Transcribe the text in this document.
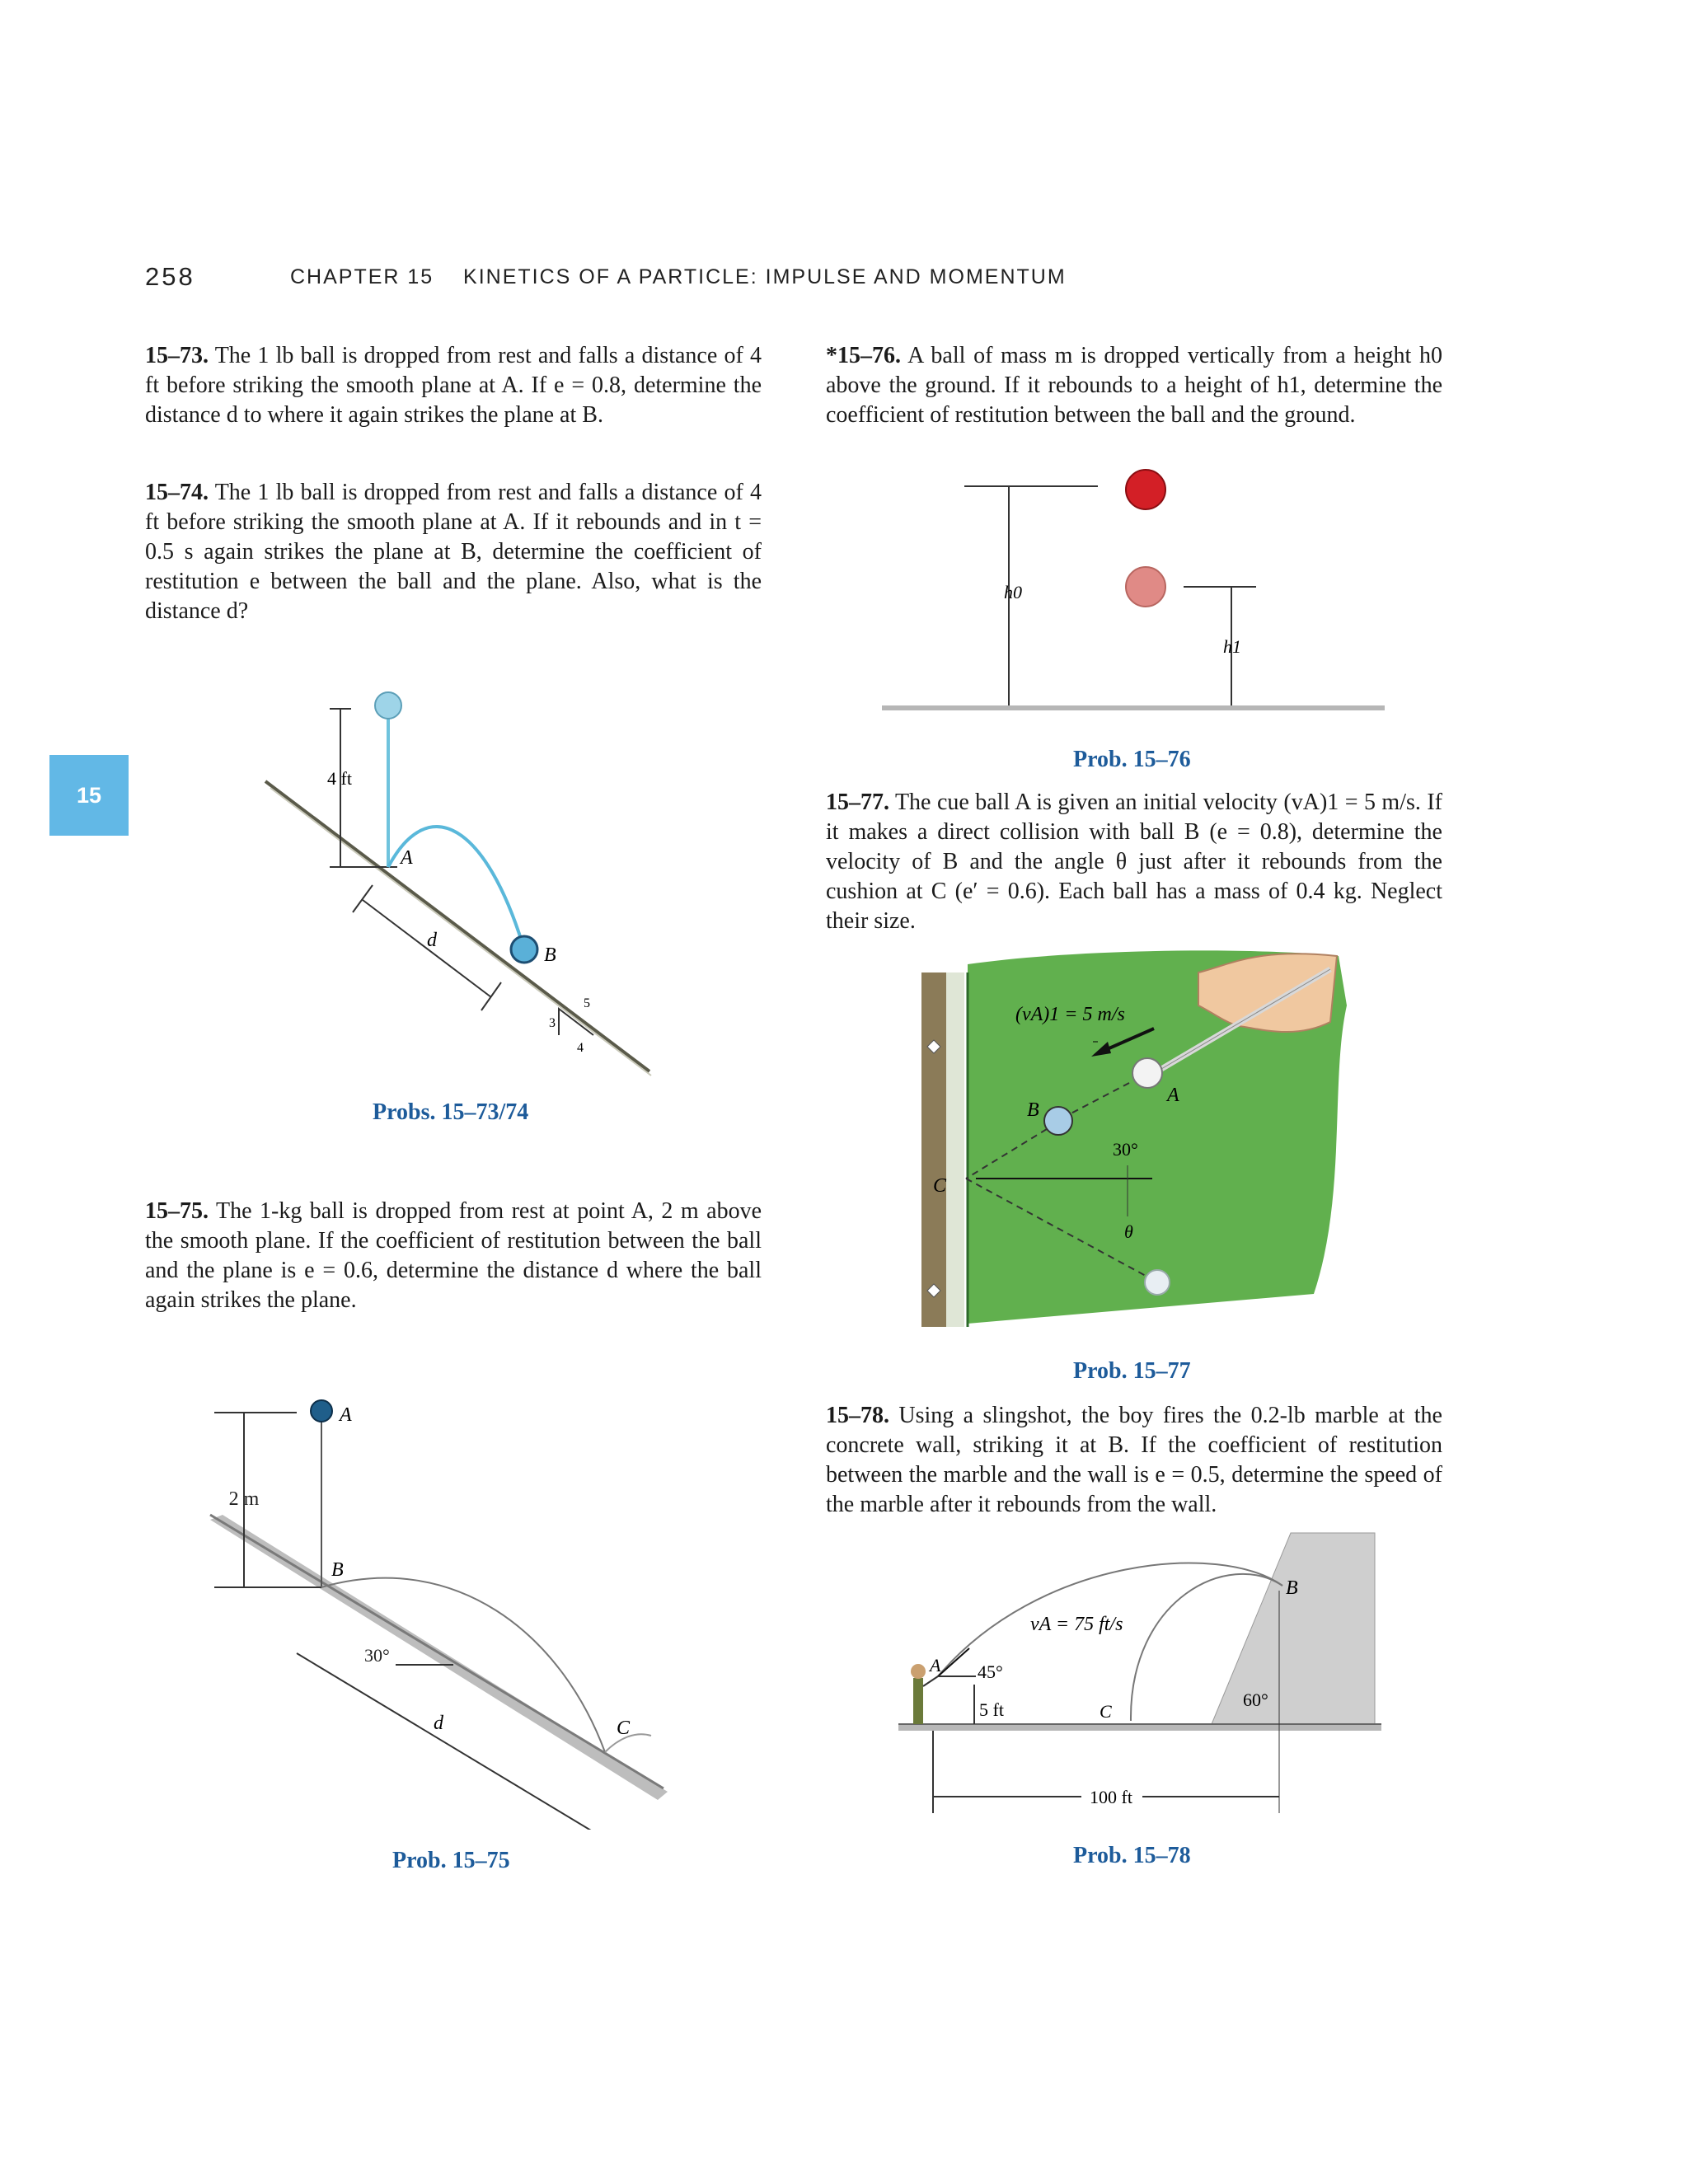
258	CHAPTER 15 KINETICS OF A PARTICLE: IMPULSE AND MOMENTUM
15
15–73. The 1 lb ball is dropped from rest and falls a distance of 4 ft before striking the smooth plane at A. If e = 0.8, determine the distance d to where it again strikes the plane at B.
15–74. The 1 lb ball is dropped from rest and falls a distance of 4 ft before striking the smooth plane at A. If it rebounds and in t = 0.5 s again strikes the plane at B, determine the coefficient of restitution e between the ball and the plane. Also, what is the distance d?
4 ft
A
B
d
3
5
4
Probs. 15–73/74
15–75. The 1-kg ball is dropped from rest at point A, 2 m above the smooth plane. If the coefficient of restitution between the ball and the plane is e = 0.6, determine the distance d where the ball again strikes the plane.
2 m
A
B
C
30°
d
Prob. 15–75
*15–76. A ball of mass m is dropped vertically from a height h0 above the ground. If it rebounds to a height of h1, determine the coefficient of restitution between the ball and the ground.
h0
h1
Prob. 15–76
15–77. The cue ball A is given an initial velocity (vA)1 = 5 m/s. If it makes a direct collision with ball B (e = 0.8), determine the velocity of B and the angle θ just after it rebounds from the cushion at C (e′ = 0.6). Each ball has a mass of 0.4 kg. Neglect their size.
(vA)1 = 5 m/s
A
B
C
30°
θ
Prob. 15–77
15–78. Using a slingshot, the boy fires the 0.2-lb marble at the concrete wall, striking it at B. If the coefficient of restitution between the marble and the wall is e = 0.5, determine the speed of the marble after it rebounds from the wall.
vA = 75 ft/s
45°
A
5 ft
B
C
60°
100 ft
Prob. 15–78
